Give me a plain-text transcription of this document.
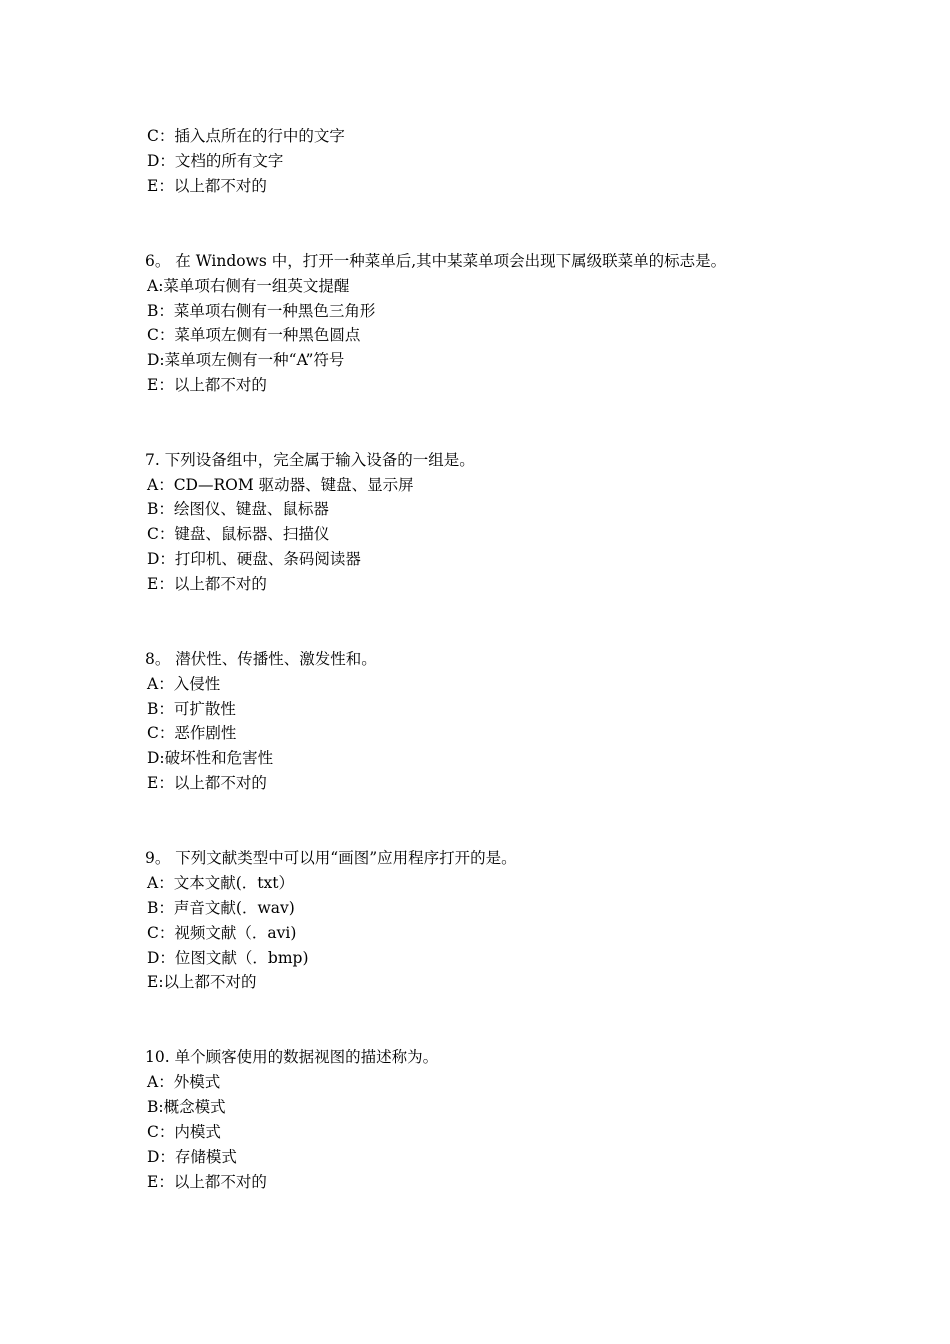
C：插入点所在的行中的文字
D：文档的所有文字
E：以上都不对的
6。 在 Windows 中，打开一种菜单后,其中某菜单项会出现下属级联菜单的标志是。
A:菜单项右侧有一组英文提醒
B：菜单项右侧有一种黑色三角形
C：菜单项左侧有一种黑色圆点
D:菜单项左侧有一种“A”符号
E：以上都不对的
7. 下列设备组中，完全属于输入设备的一组是。
A：CD—ROM 驱动器、键盘、显示屏
B：绘图仪、键盘、鼠标器
C：键盘、鼠标器、扫描仪
D：打印机、硬盘、条码阅读器
E：以上都不对的
8。 潜伏性、传播性、激发性和。
A：入侵性
B：可扩散性
C：恶作剧性
D:破坏性和危害性
E：以上都不对的
9。 下列文献类型中可以用“画图”应用程序打开的是。
A：文本文献(．txt）
B：声音文献(．wav)
C：视频文献（．avi)
D：位图文献（．bmp)
E:以上都不对的
10. 单个顾客使用的数据视图的描述称为。
A：外模式
B:概念模式
C：内模式
D：存储模式
E：以上都不对的
